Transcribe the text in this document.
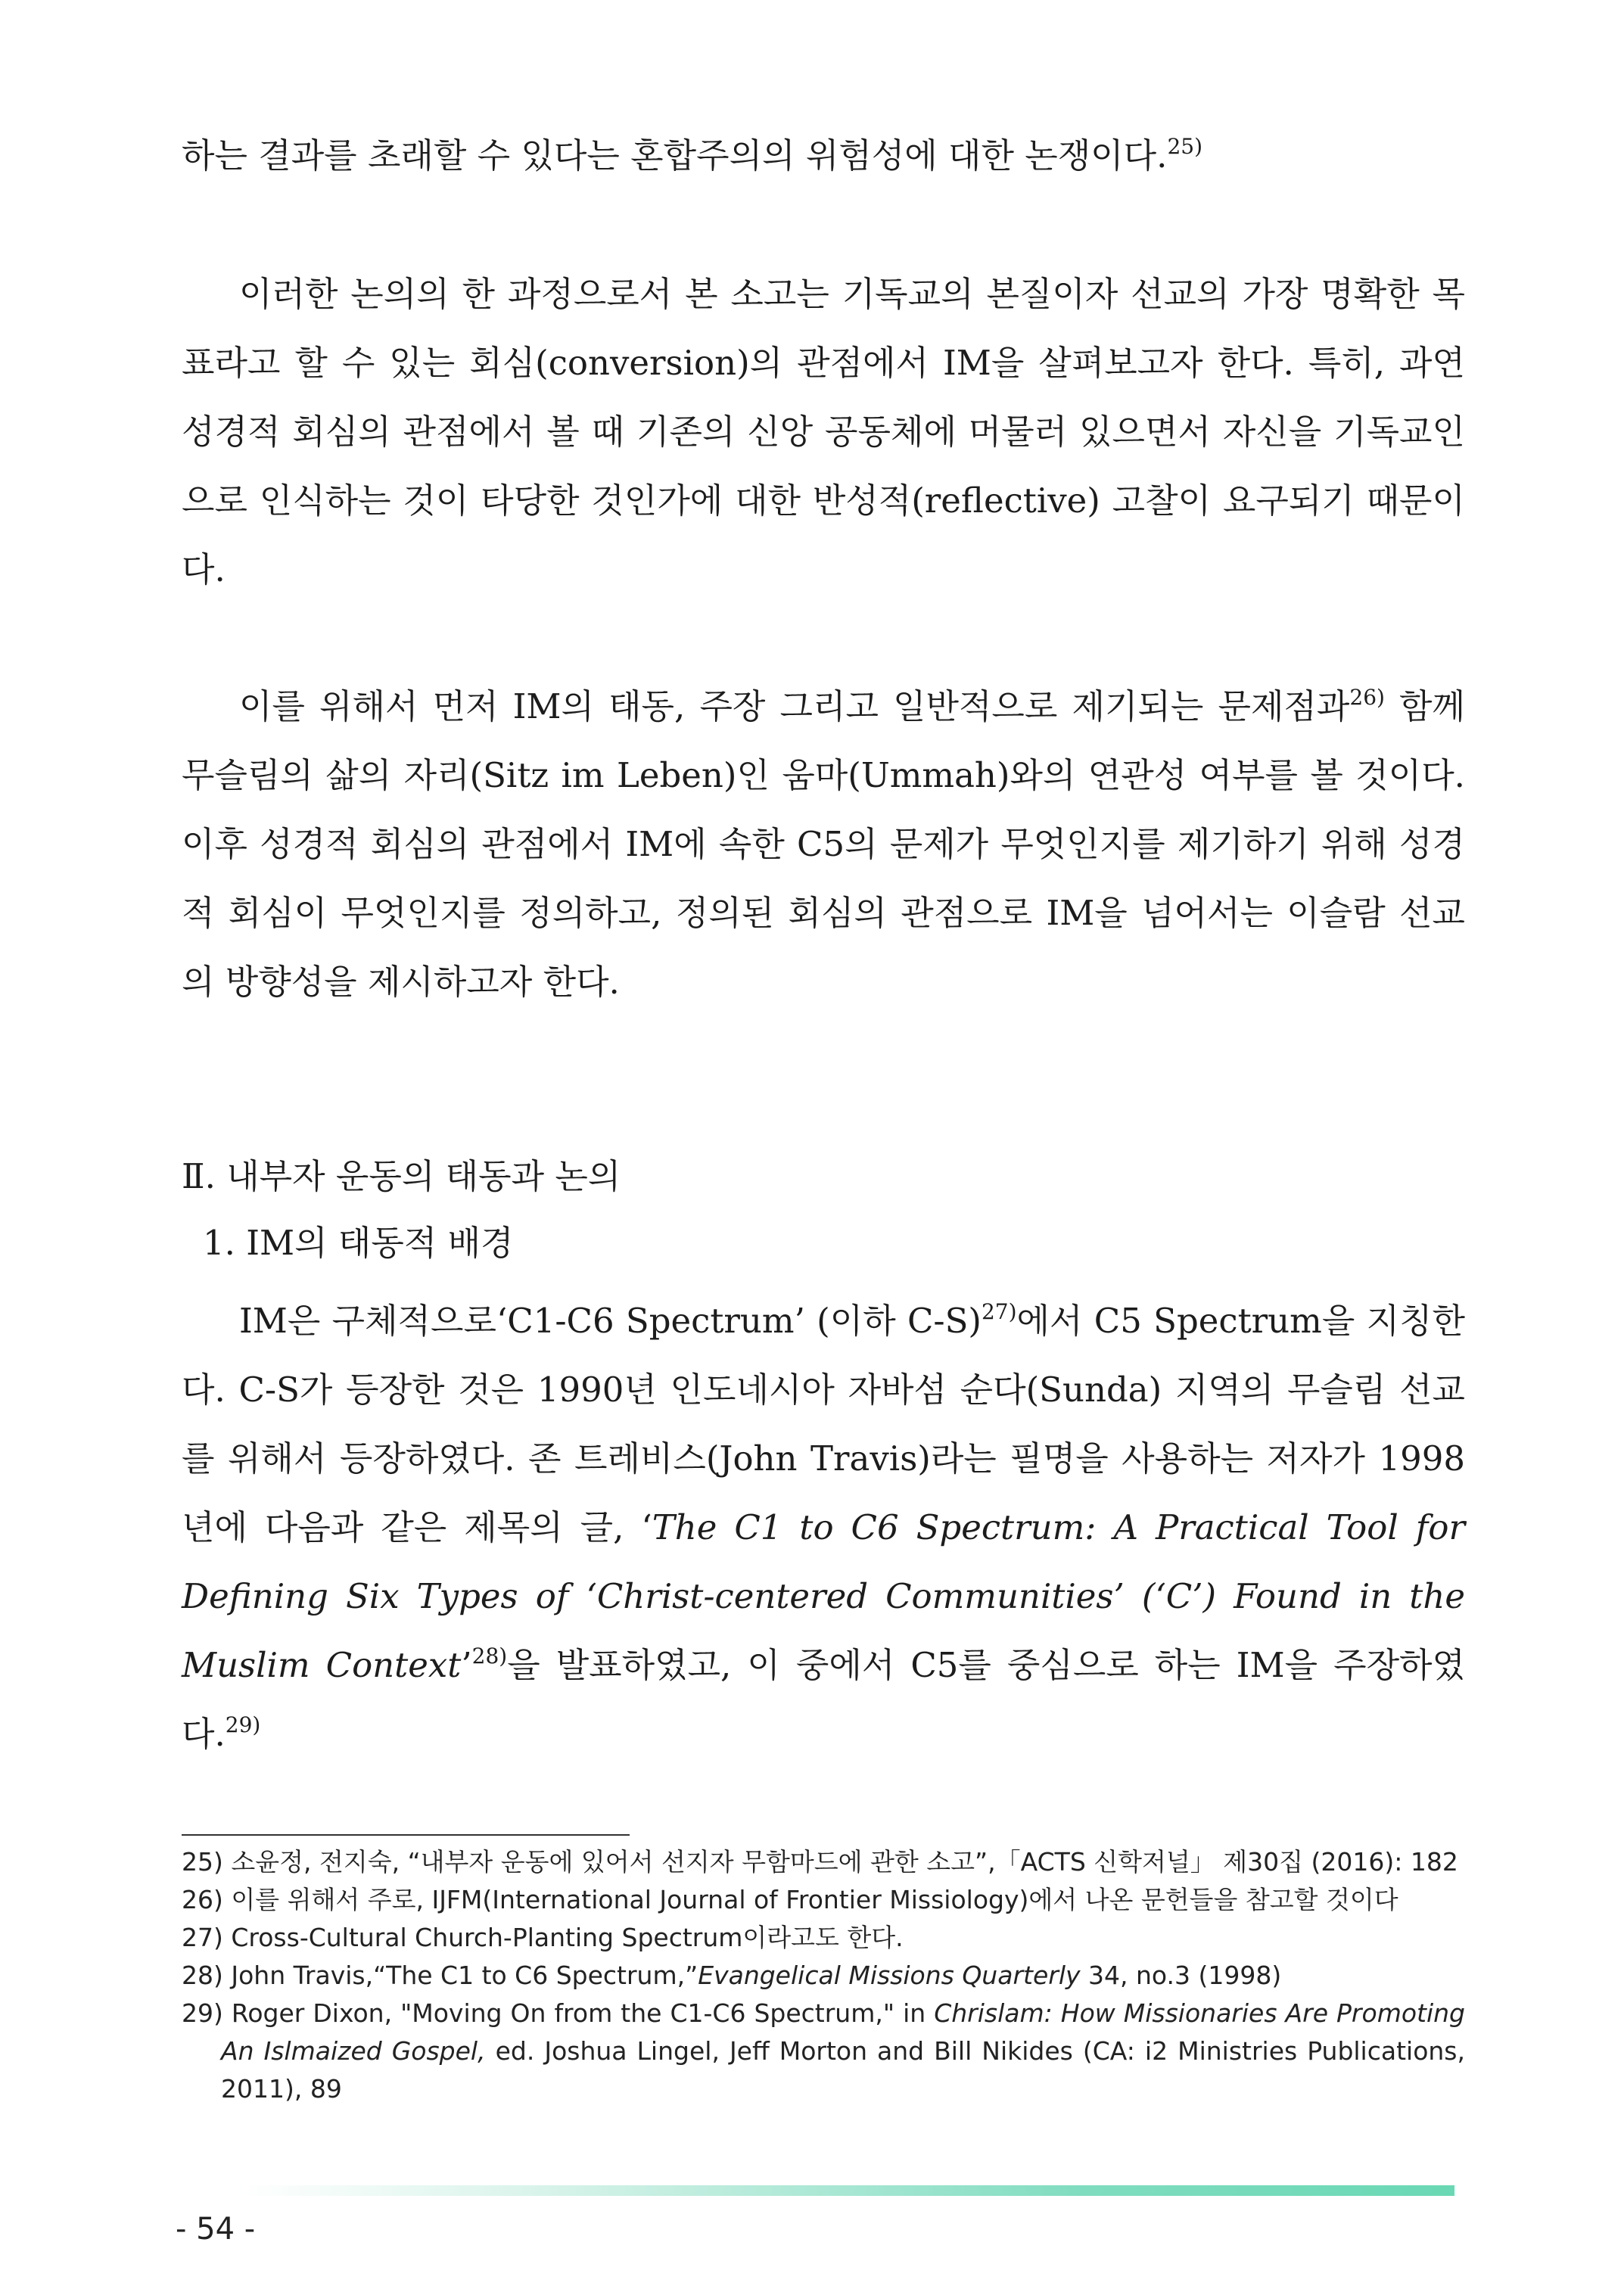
하는 결과를 초래할 수 있다는 혼합주의의 위험성에 대한 논쟁이다.$^{25)}$

이러한 논의의 한 과정으로서 본 소고는 기독교의 본질이자 선교의 가장 명확한 목표라고 할 수 있는 회심(conversion)의 관점에서 IM을 살펴보고자 한다. 특히, 과연 성경적 회심의 관점에서 볼 때 기존의 신앙 공동체에 머물러 있으면서 자신을 기독교인으로 인식하는 것이 타당한 것인가에 대한 반성적(reflective) 고찰이 요구되기 때문이다.

이를 위해서 먼저 IM의 태동, 주장 그리고 일반적으로 제기되는 문제점과$^{26)}$ 함께 무슬림의 삶의 자리(Sitz im Leben)인 움마(Ummah)와의 연관성 여부를 볼 것이다. 이후 성경적 회심의 관점에서 IM에 속한 C5의 문제가 무엇인지를 제기하기 위해 성경적 회심이 무엇인지를 정의하고, 정의된 회심의 관점으로 IM을 넘어서는 이슬람 선교의 방향성을 제시하고자 한다.

Ⅱ. 내부자 운동의 태동과 논의

1. IM의 태동적 배경

IM은 구체적으로‘C1-C6 Spectrum’ (이하 C-S)$^{27)}$에서 C5 Spectrum을 지칭한다. C-S가 등장한 것은 1990년 인도네시아 자바섬 순다(Sunda) 지역의 무슬림 선교를 위해서 등장하였다. 존 트레비스(John Travis)라는 필명을 사용하는 저자가 1998년에 다음과 같은 제목의 글, ‘The C1 to C6 Spectrum: A Practical Tool for Defining Six Types of ‘Christ-centered Communities’ (‘C’) Found in the Muslim Context’$^{28)}$을 발표하였고, 이 중에서 C5를 중심으로 하는 IM을 주장하였다.$^{29)}$

25) 소윤정, 전지숙, “내부자 운동에 있어서 선지자 무함마드에 관한 소고”,「ACTS 신학저널」 제30집 (2016): 182

26) 이를 위해서 주로, IJFM(International Journal of Frontier Missiology)에서 나온 문헌들을 참고할 것이다

27) Cross-Cultural Church-Planting Spectrum이라고도 한다.

28) John Travis,“The C1 to C6 Spectrum,”Evangelical Missions Quarterly 34, no.3 (1998)

29) Roger Dixon, "Moving On from the C1-C6 Spectrum," in Chrislam: How Missionaries Are Promoting An Islmaized Gospel, ed. Joshua Lingel, Jeff Morton and Bill Nikides (CA: i2 Ministries Publications, 2011), 89

- 54 -
